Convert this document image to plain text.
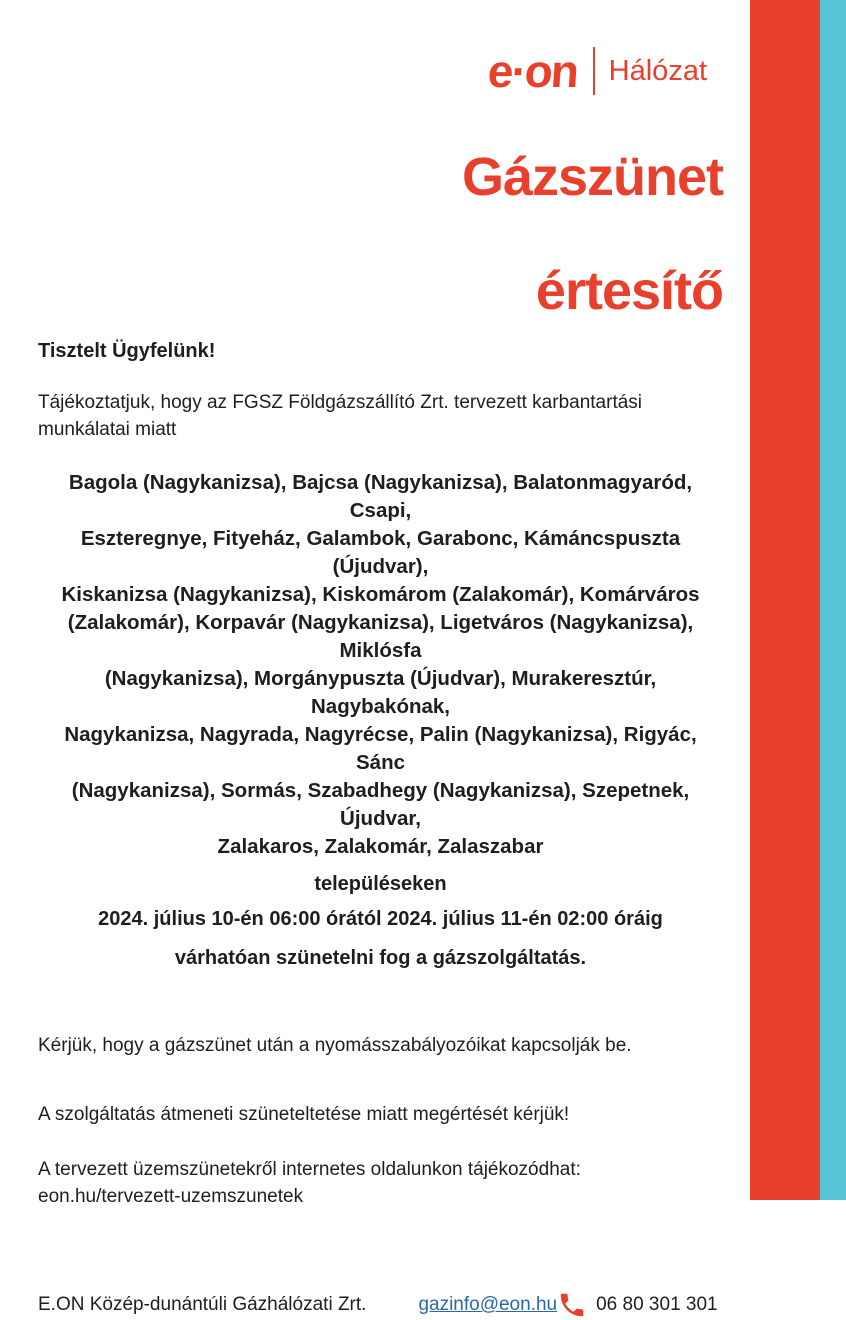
e·on	Hálózat
Gázszünet
értesítő
Tisztelt Ügyfelünk!
Tájékoztatjuk, hogy az FGSZ Földgázszállító Zrt. tervezett karbantartási munkálatai miatt
Bagola (Nagykanizsa), Bajcsa (Nagykanizsa), Balatonmagyaród, Csapi,
Eszteregnye, Fityeház, Galambok, Garabonc, Kámáncspuszta (Újudvar),
Kiskanizsa (Nagykanizsa), Kiskomárom (Zalakomár), Komárváros
(Zalakomár), Korpavár (Nagykanizsa), Ligetváros (Nagykanizsa), Miklósfa
(Nagykanizsa), Morgánypuszta (Újudvar), Murakeresztúr, Nagybakónak,
Nagykanizsa, Nagyrada, Nagyrécse, Palin (Nagykanizsa), Rigyác, Sánc
(Nagykanizsa), Sormás, Szabadhegy (Nagykanizsa), Szepetnek, Újudvar,
Zalakaros, Zalakomár, Zalaszabar
településeken
2024. július 10-én 06:00 órától 2024. július 11-én 02:00 óráig
várhatóan szünetelni fog a gázszolgáltatás.
Kérjük, hogy a gázszünet után a nyomásszabályozóikat kapcsolják be.
A szolgáltatás átmeneti szüneteltetése miatt megértését kérjük!
A tervezett üzemszünetekről internetes oldalunkon tájékozódhat:
eon.hu/tervezett-uzemszunetek
E.ON Közép-dunántúli Gázhálózati Zrt.	gazinfo@eon.hu 06 80 301 301
